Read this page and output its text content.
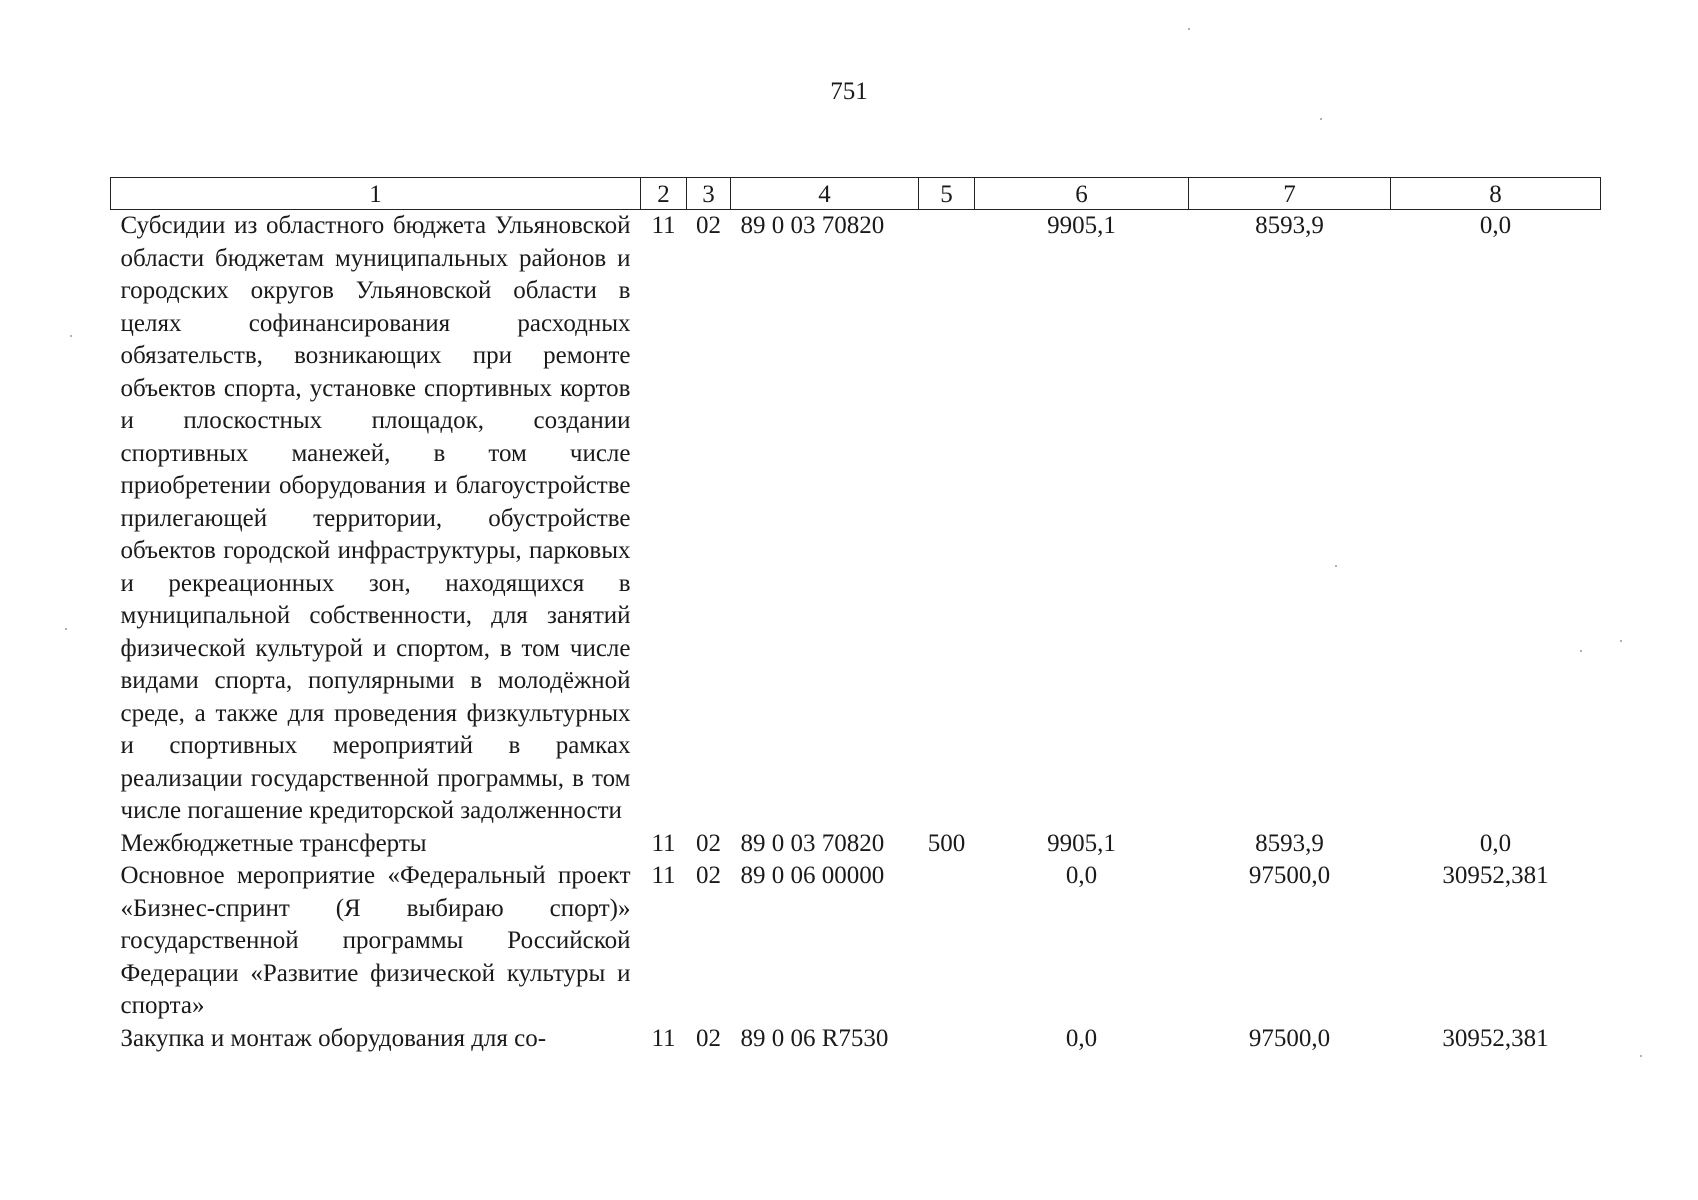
751
1	2	3	4	5	6	7	8
Субсидии из областного бюджета Ульяновской области бюджетам муниципальных районов и городских округов Ульяновской области в целях софинансирования расходных обязательств, возникающих при ремонте объектов спорта, установке спортивных кортов и плоскостных площадок, создании спортивных манежей, в том числе приобретении оборудования и благоустройстве прилегающей территории, обустройстве объектов городской инфраструктуры, парковых и рекреационных зон, находящихся в муниципальной собственности, для занятий физической культурой и спортом, в том числе видами спорта, популярными в молодёжной среде, а также для проведения физкультурных и спортивных мероприятий в рамках реализации государственной программы, в том числе погашение кредиторской задолженности	11	02	89 0 03 70820		9905,1	8593,9	0,0
Межбюджетные трансферты	11	02	89 0 03 70820	500	9905,1	8593,9	0,0
Основное мероприятие «Федеральный проект «Бизнес-спринт (Я выбираю спорт)» государственной программы Российской Федерации «Развитие физической культуры и спорта»	11	02	89 0 06 00000		0,0	97500,0	30952,381
Закупка и монтаж оборудования для со-	11	02	89 0 06 R7530		0,0	97500,0	30952,381
